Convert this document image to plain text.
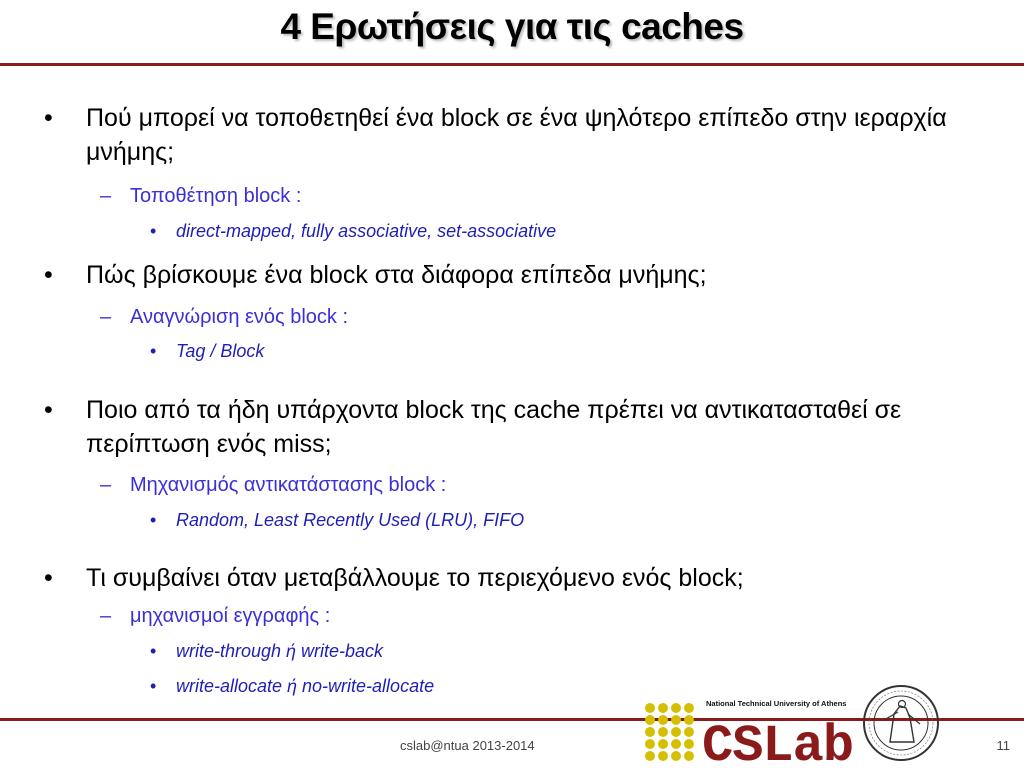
4 Ερωτήσεις για τις caches
•	Πού μπορεί να τοποθετηθεί ένα block σε ένα ψηλότερο επίπεδο στην ιεραρχία μνήμης;
– Τοποθέτηση block :
• direct-mapped, fully associative, set-associative
•	Πώς βρίσκουμε ένα block στα διάφορα επίπεδα μνήμης;
– Αναγνώριση ενός block :
• Tag / Block
•	Ποιο από τα ήδη υπάρχοντα block της cache πρέπει να αντικατασταθεί σε περίπτωση ενός miss;
– Μηχανισμός αντικατάστασης block :
• Random, Least Recently Used (LRU), FIFO
•	Τι συμβαίνει όταν μεταβάλλουμε το περιεχόμενο ενός block;
– μηχανισμοί εγγραφής :
• write-through ή write-back
• write-allocate ή no-write-allocate
National Technical University of Athens
CSLab
cslab@ntua 2013-2014	11
